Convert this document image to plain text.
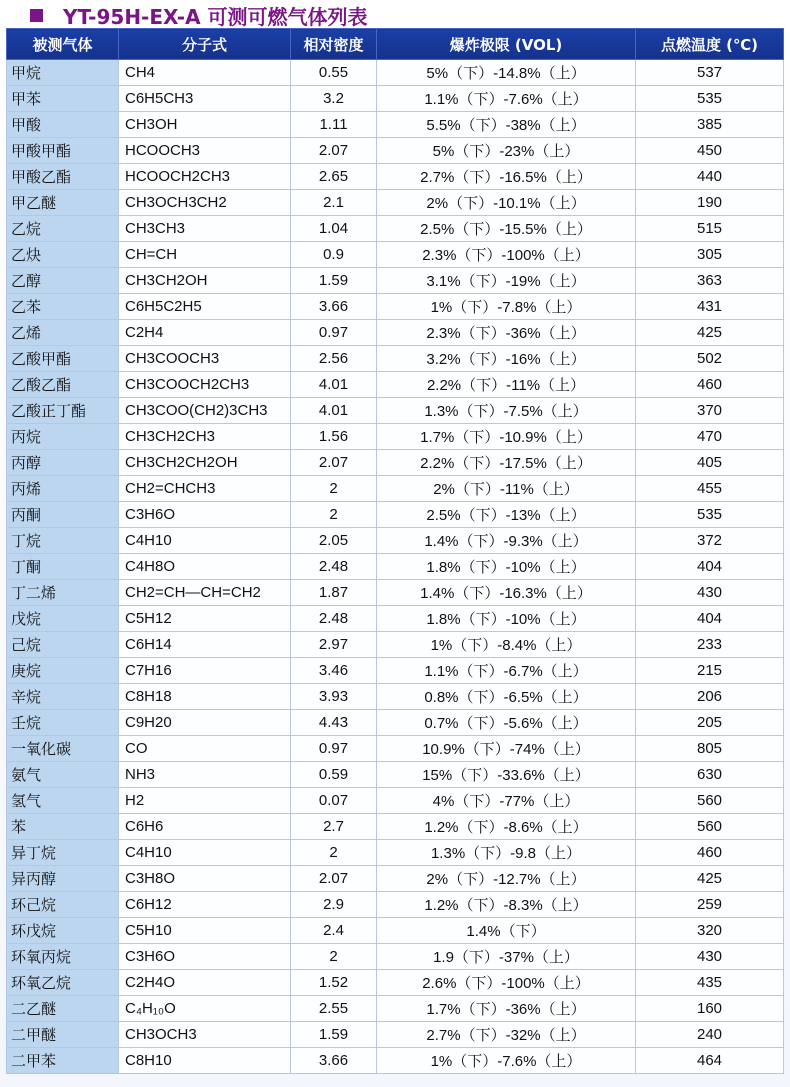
YT-95H-EX-A 可测可燃气体列表
被测气体	分子式	相对密度	爆炸极限 (VOL)	点燃温度 (℃)
甲烷	CH4	0.55	5%（下）-14.8%（上）	537
甲苯	C6H5CH3	3.2	1.1%（下）-7.6%（上）	535
甲酸	CH3OH	1.11	5.5%（下）-38%（上）	385
甲酸甲酯	HCOOCH3	2.07	5%（下）-23%（上）	450
甲酸乙酯	HCOOCH2CH3	2.65	2.7%（下）-16.5%（上）	440
甲乙醚	CH3OCH3CH2	2.1	2%（下）-10.1%（上）	190
乙烷	CH3CH3	1.04	2.5%（下）-15.5%（上）	515
乙炔	CH=CH	0.9	2.3%（下）-100%（上）	305
乙醇	CH3CH2OH	1.59	3.1%（下）-19%（上）	363
乙苯	C6H5C2H5	3.66	1%（下）-7.8%（上）	431
乙烯	C2H4	0.97	2.3%（下）-36%（上）	425
乙酸甲酯	CH3COOCH3	2.56	3.2%（下）-16%（上）	502
乙酸乙酯	CH3COOCH2CH3	4.01	2.2%（下）-11%（上）	460
乙酸正丁酯	CH3COO(CH2)3CH3	4.01	1.3%（下）-7.5%（上）	370
丙烷	CH3CH2CH3	1.56	1.7%（下）-10.9%（上）	470
丙醇	CH3CH2CH2OH	2.07	2.2%（下）-17.5%（上）	405
丙烯	CH2=CHCH3	2	2%（下）-11%（上）	455
丙酮	C3H6O	2	2.5%（下）-13%（上）	535
丁烷	C4H10	2.05	1.4%（下）-9.3%（上）	372
丁酮	C4H8O	2.48	1.8%（下）-10%（上）	404
丁二烯	CH2=CH—CH=CH2	1.87	1.4%（下）-16.3%（上）	430
戊烷	C5H12	2.48	1.8%（下）-10%（上）	404
己烷	C6H14	2.97	1%（下）-8.4%（上）	233
庚烷	C7H16	3.46	1.1%（下）-6.7%（上）	215
辛烷	C8H18	3.93	0.8%（下）-6.5%（上）	206
壬烷	C9H20	4.43	0.7%（下）-5.6%（上）	205
一氧化碳	CO	0.97	10.9%（下）-74%（上）	805
氨气	NH3	0.59	15%（下）-33.6%（上）	630
氢气	H2	0.07	4%（下）-77%（上）	560
苯	C6H6	2.7	1.2%（下）-8.6%（上）	560
异丁烷	C4H10	2	1.3%（下）-9.8（上）	460
异丙醇	C3H8O	2.07	2%（下）-12.7%（上）	425
环己烷	C6H12	2.9	1.2%（下）-8.3%（上）	259
环戊烷	C5H10	2.4	1.4%（下）	320
环氧丙烷	C3H6O	2	1.9（下）-37%（上）	430
环氧乙烷	C2H4O	1.52	2.6%（下）-100%（上）	435
二乙醚	C₄H₁₀O	2.55	1.7%（下）-36%（上）	160
二甲醚	CH3OCH3	1.59	2.7%（下）-32%（上）	240
二甲苯	C8H10	3.66	1%（下）-7.6%（上）	464
